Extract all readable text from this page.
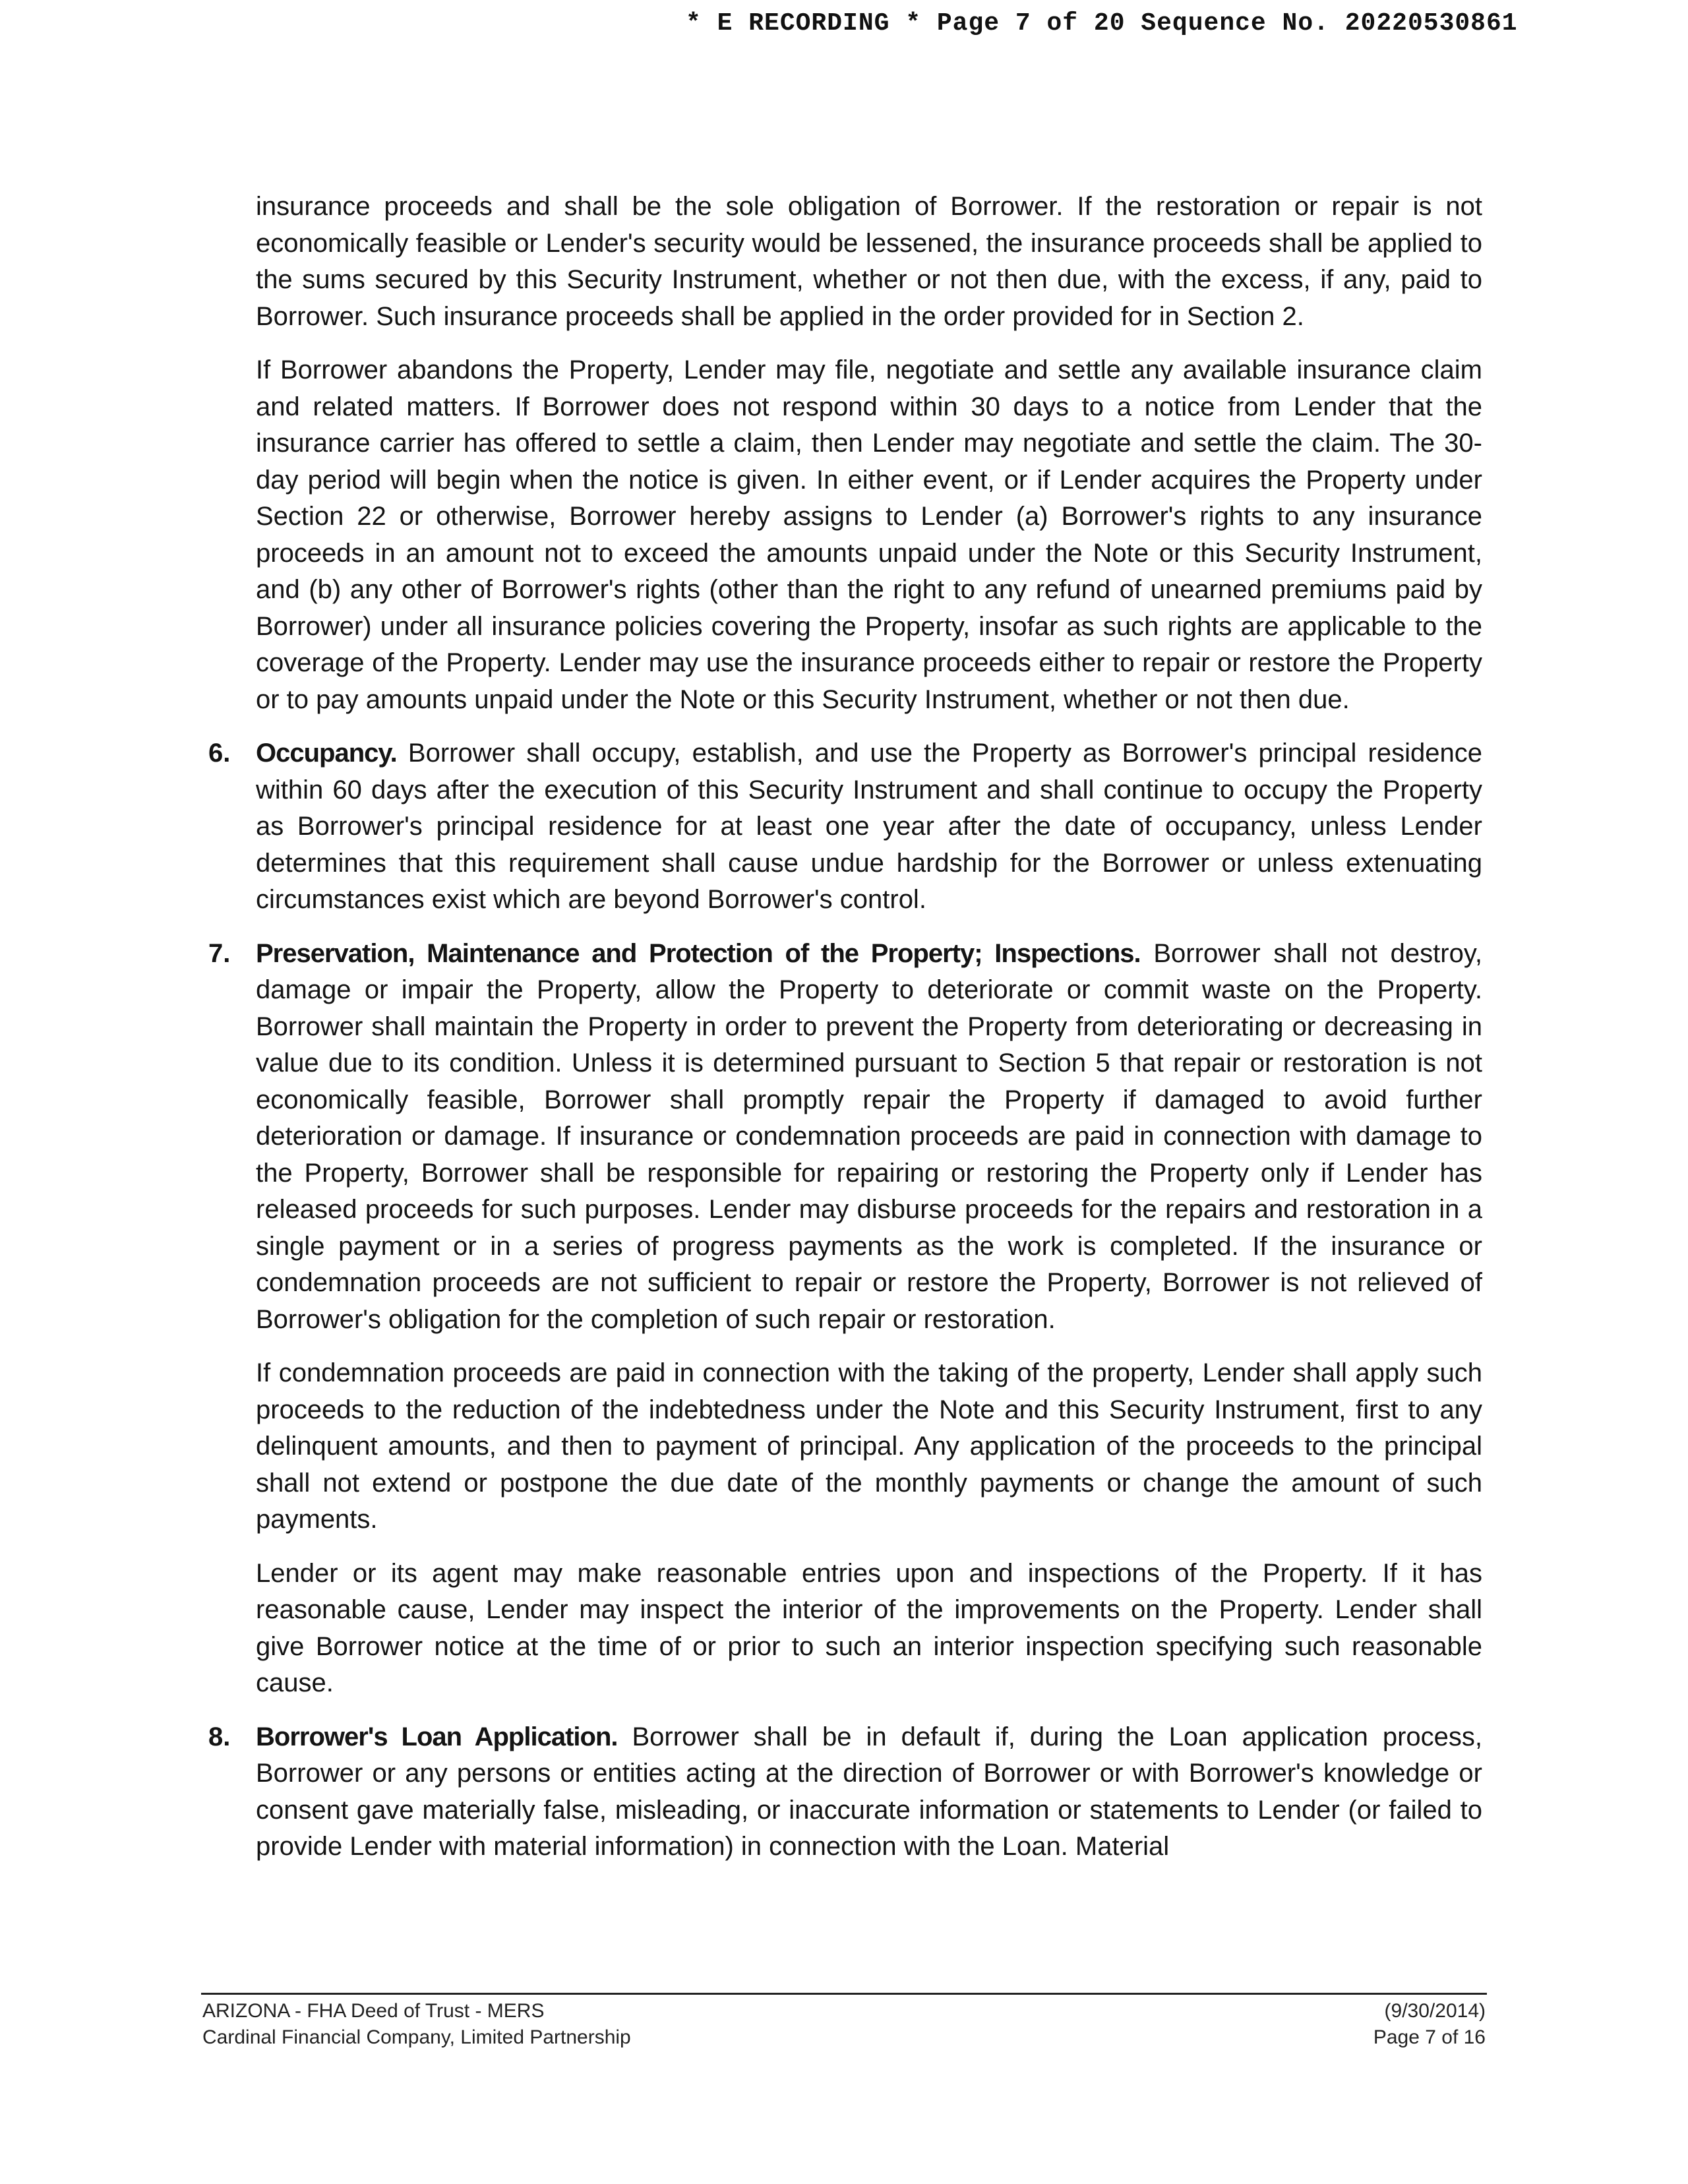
* E RECORDING * Page 7 of 20 Sequence No. 20220530861

insurance proceeds and shall be the sole obligation of Borrower. If the restoration or repair is not economically feasible or Lender's security would be lessened, the insurance proceeds shall be applied to the sums secured by this Security Instrument, whether or not then due, with the excess, if any, paid to Borrower. Such insurance proceeds shall be applied in the order provided for in Section 2.

If Borrower abandons the Property, Lender may file, negotiate and settle any available insurance claim and related matters. If Borrower does not respond within 30 days to a notice from Lender that the insurance carrier has offered to settle a claim, then Lender may negotiate and settle the claim. The 30-day period will begin when the notice is given. In either event, or if Lender acquires the Property under Section 22 or otherwise, Borrower hereby assigns to Lender (a) Borrower's rights to any insurance proceeds in an amount not to exceed the amounts unpaid under the Note or this Security Instrument, and (b) any other of Borrower's rights (other than the right to any refund of unearned premiums paid by Borrower) under all insurance policies covering the Property, insofar as such rights are applicable to the coverage of the Property. Lender may use the insurance proceeds either to repair or restore the Property or to pay amounts unpaid under the Note or this Security Instrument, whether or not then due.

6. Occupancy. Borrower shall occupy, establish, and use the Property as Borrower's principal residence within 60 days after the execution of this Security Instrument and shall continue to occupy the Property as Borrower's principal residence for at least one year after the date of occupancy, unless Lender determines that this requirement shall cause undue hardship for the Borrower or unless extenuating circumstances exist which are beyond Borrower's control.
7. Preservation, Maintenance and Protection of the Property; Inspections. Borrower shall not destroy, damage or impair the Property, allow the Property to deteriorate or commit waste on the Property. Borrower shall maintain the Property in order to prevent the Property from deteriorating or decreasing in value due to its condition. Unless it is determined pursuant to Section 5 that repair or restoration is not economically feasible, Borrower shall promptly repair the Property if damaged to avoid further deterioration or damage. If insurance or condemnation proceeds are paid in connection with damage to the Property, Borrower shall be responsible for repairing or restoring the Property only if Lender has released proceeds for such purposes. Lender may disburse proceeds for the repairs and restoration in a single payment or in a series of progress payments as the work is completed. If the insurance or condemnation proceeds are not sufficient to repair or restore the Property, Borrower is not relieved of Borrower's obligation for the completion of such repair or restoration.

If condemnation proceeds are paid in connection with the taking of the property, Lender shall apply such proceeds to the reduction of the indebtedness under the Note and this Security Instrument, first to any delinquent amounts, and then to payment of principal. Any application of the proceeds to the principal shall not extend or postpone the due date of the monthly payments or change the amount of such payments.

Lender or its agent may make reasonable entries upon and inspections of the Property. If it has reasonable cause, Lender may inspect the interior of the improvements on the Property. Lender shall give Borrower notice at the time of or prior to such an interior inspection specifying such reasonable cause.

8. Borrower's Loan Application. Borrower shall be in default if, during the Loan application process, Borrower or any persons or entities acting at the direction of Borrower or with Borrower's knowledge or consent gave materially false, misleading, or inaccurate information or statements to Lender (or failed to provide Lender with material information) in connection with the Loan. Material
ARIZONA - FHA Deed of Trust - MERS
Cardinal Financial Company, Limited Partnership
(9/30/2014)
Page 7 of 16
